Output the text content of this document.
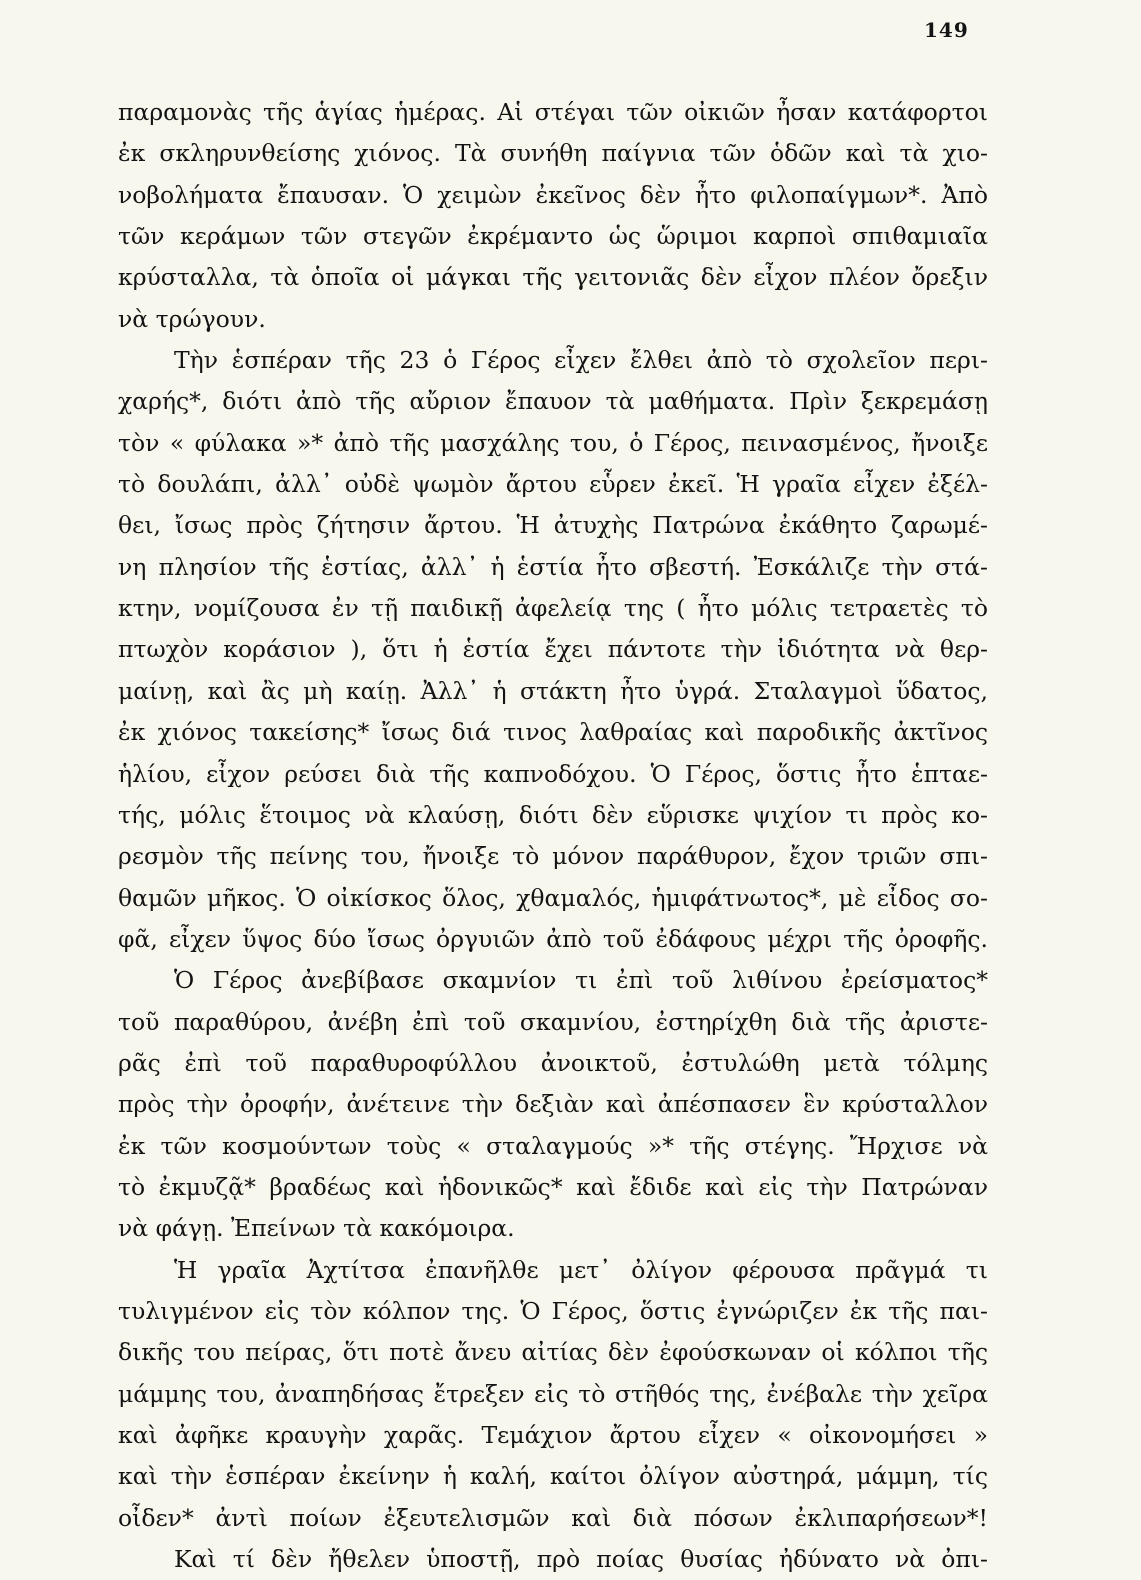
149
παραμονὰς τῆς ἁγίας ἡμέρας. Αἱ στέγαι τῶν οἰκιῶν ἦσαν κατάφορτοι
ἐκ σκληρυνθείσης χιόνος. Τὰ συνήθη παίγνια τῶν ὁδῶν καὶ τὰ χιο-
νοβολήματα ἔπαυσαν. Ὁ χειμὼν ἐκεῖνος δὲν ἦτο φιλοπαίγμων*. Ἀπὸ
τῶν κεράμων τῶν στεγῶν ἐκρέμαντο ὡς ὥριμοι καρποὶ σπιθαμιαῖα
κρύσταλλα, τὰ ὁποῖα οἱ μάγκαι τῆς γειτονιᾶς δὲν εἶχον πλέον ὄρεξιν
νὰ τρώγουν.
Τὴν ἑσπέραν τῆς 23 ὁ Γέρος εἶχεν ἔλθει ἀπὸ τὸ σχολεῖον περι-
χαρής*, διότι ἀπὸ τῆς αὔριον ἔπαυον τὰ μαθήματα. Πρὶν ξεκρεμάσῃ
τὸν « φύλακα »* ἀπὸ τῆς μασχάλης του, ὁ Γέρος, πεινασμένος, ἤνοιξε
τὸ δουλάπι, ἀλλ᾽ οὐδὲ ψωμὸν ἄρτου εὗρεν ἐκεῖ. Ἡ γραῖα εἶχεν ἐξέλ-
θει, ἴσως πρὸς ζήτησιν ἄρτου. Ἡ ἀτυχὴς Πατρώνα ἐκάθητο ζαρωμέ-
νη πλησίον τῆς ἑστίας, ἀλλ᾽ ἡ ἑστία ἦτο σβεστή. Ἐσκάλιζε τὴν στά-
κτην, νομίζουσα ἐν τῇ παιδικῇ ἀφελείᾳ της ( ἦτο μόλις τετραετὲς τὸ
πτωχὸν κοράσιον ), ὅτι ἡ ἑστία ἔχει πάντοτε τὴν ἰδιότητα νὰ θερ-
μαίνῃ, καὶ ἂς μὴ καίῃ. Ἀλλ᾽ ἡ στάκτη ἦτο ὑγρά. Σταλαγμοὶ ὕδατος,
ἐκ χιόνος τακείσης* ἴσως διά τινος λαθραίας καὶ παροδικῆς ἀκτῖνος
ἡλίου, εἶχον ρεύσει διὰ τῆς καπνοδόχου. Ὁ Γέρος, ὅστις ἦτο ἑπταε-
τής, μόλις ἕτοιμος νὰ κλαύσῃ, διότι δὲν εὕρισκε ψιχίον τι πρὸς κο-
ρεσμὸν τῆς πείνης του, ἤνοιξε τὸ μόνον παράθυρον, ἔχον τριῶν σπι-
θαμῶν μῆκος. Ὁ οἰκίσκος ὅλος, χθαμαλός, ἡμιφάτνωτος*, μὲ εἶδος σο-
φᾶ, εἶχεν ὕψος δύο ἴσως ὀργυιῶν ἀπὸ τοῦ ἐδάφους μέχρι τῆς ὀροφῆς.
Ὁ Γέρος ἀνεβίβασε σκαμνίον τι ἐπὶ τοῦ λιθίνου ἐρείσματος*
τοῦ παραθύρου, ἀνέβη ἐπὶ τοῦ σκαμνίου, ἐστηρίχθη διὰ τῆς ἀριστε-
ρᾶς ἐπὶ τοῦ παραθυροφύλλου ἀνοικτοῦ, ἐστυλώθη μετὰ τόλμης
πρὸς τὴν ὀροφήν, ἀνέτεινε τὴν δεξιὰν καὶ ἀπέσπασεν ἓν κρύσταλλον
ἐκ τῶν κοσμούντων τοὺς « σταλαγμούς »* τῆς στέγης. Ἤρχισε νὰ
τὸ ἐκμυζᾷ* βραδέως καὶ ἡδονικῶς* καὶ ἔδιδε καὶ εἰς τὴν Πατρώναν
νὰ φάγῃ. Ἐπείνων τὰ κακόμοιρα.
Ἡ γραῖα Ἀχτίτσα ἐπανῆλθε μετ᾽ ὀλίγον φέρουσα πρᾶγμά τι
τυλιγμένον εἰς τὸν κόλπον της. Ὁ Γέρος, ὅστις ἐγνώριζεν ἐκ τῆς παι-
δικῆς του πείρας, ὅτι ποτὲ ἄνευ αἰτίας δὲν ἐφούσκωναν οἱ κόλποι τῆς
μάμμης του, ἀναπηδήσας ἔτρεξεν εἰς τὸ στῆθός της, ἐνέβαλε τὴν χεῖρα
καὶ ἀφῆκε κραυγὴν χαρᾶς. Τεμάχιον ἄρτου εἶχεν « οἰκονομήσει »
καὶ τὴν ἑσπέραν ἐκείνην ἡ καλή, καίτοι ὀλίγον αὐστηρά, μάμμη, τίς
οἶδεν* ἀντὶ ποίων ἐξευτελισμῶν καὶ διὰ πόσων ἐκλιπαρήσεων*!
Καὶ τί δὲν ἤθελεν ὑποστῇ, πρὸ ποίας θυσίας ἠδύνατο νὰ ὀπι-
